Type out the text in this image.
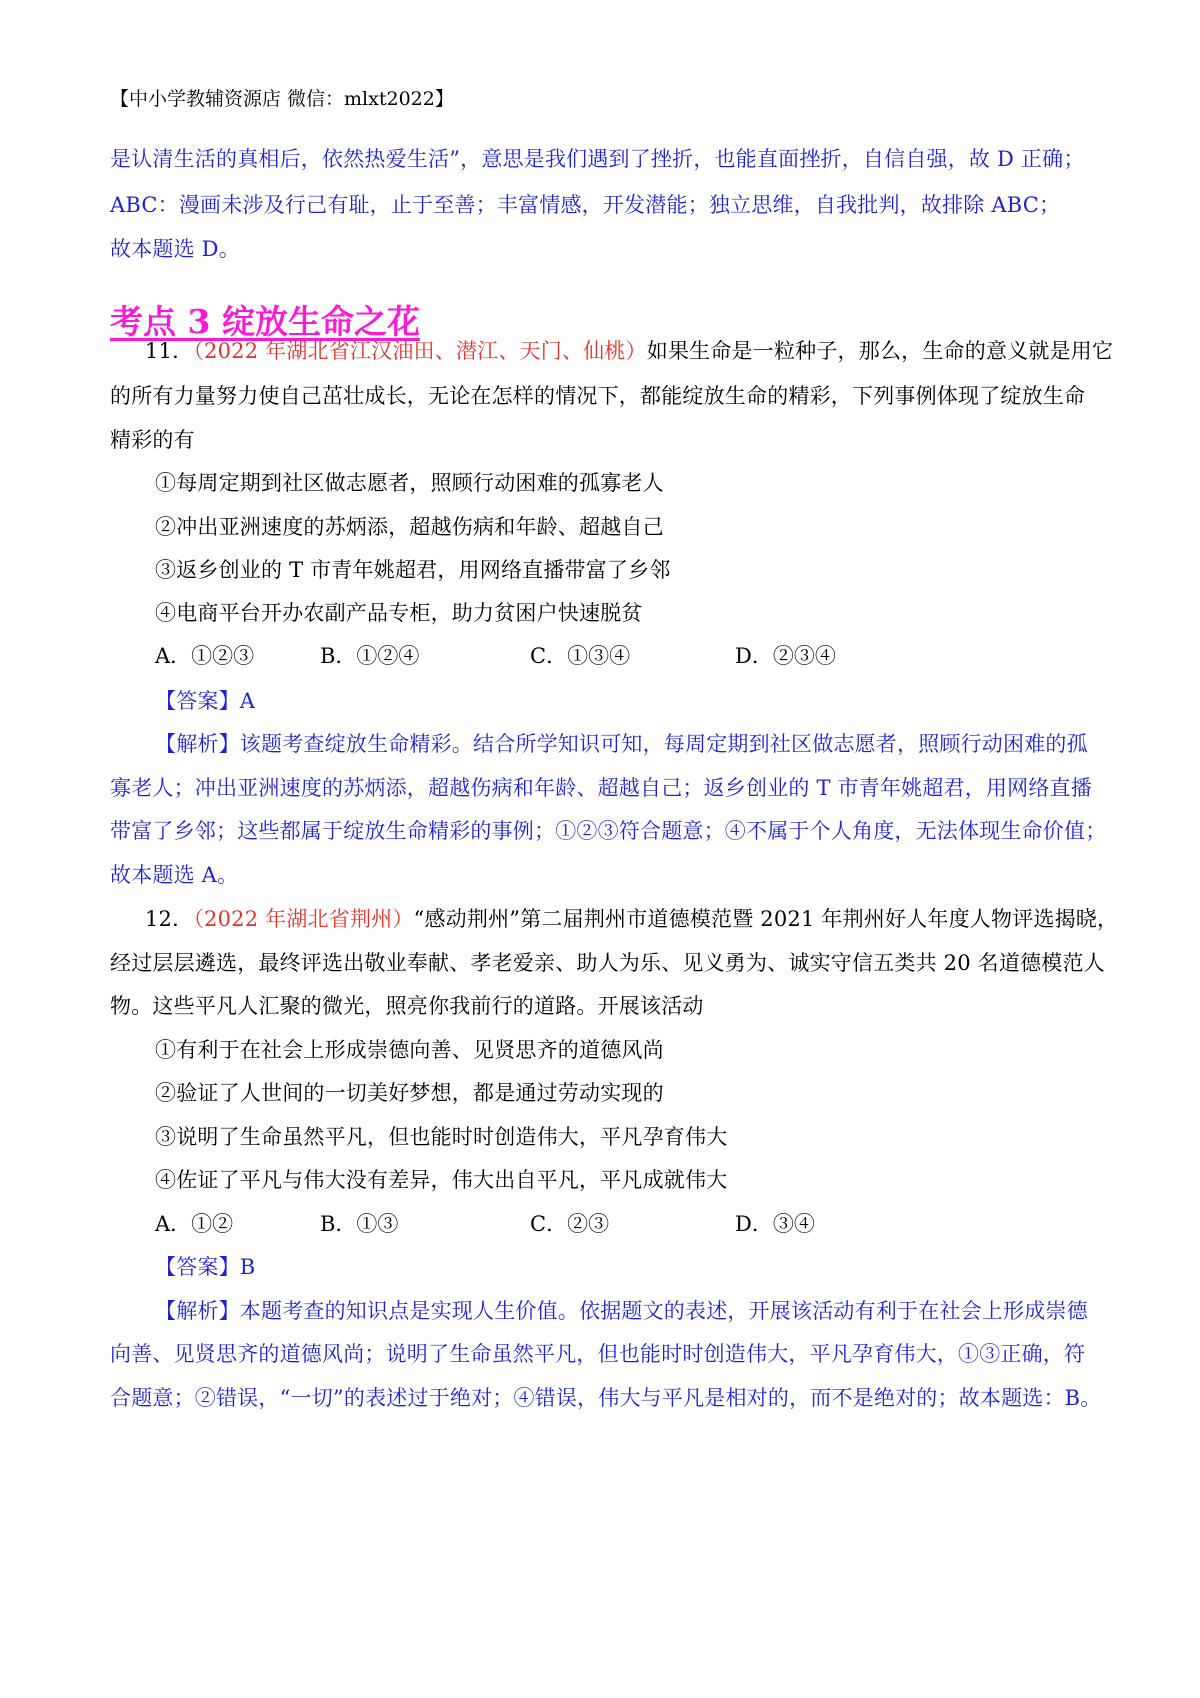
【中小学教辅资源店 微信：mlxt2022】
是认清生活的真相后，依然热爱生活”，意思是我们遇到了挫折，也能直面挫折，自信自强，故 D 正确；
ABC：漫画未涉及行己有耻，止于至善；丰富情感，开发潜能；独立思维，自我批判，故排除 ABC；
故本题选 D。
考点 3 绽放生命之花
11．（2022 年湖北省江汉油田、潜江、天门、仙桃）如果生命是一粒种子，那么，生命的意义就是用它
的所有力量努力使自己茁壮成长，无论在怎样的情况下，都能绽放生命的精彩，下列事例体现了绽放生命
精彩的有
①每周定期到社区做志愿者，照顾行动困难的孤寡老人
②冲出亚洲速度的苏炳添，超越伤病和年龄、超越自己
③返乡创业的 T 市青年姚超君，用网络直播带富了乡邻
④电商平台开办农副产品专柜，助力贫困户快速脱贫
A．①②③	B．①②④	C．①③④	D．②③④
【答案】A
【解析】该题考查绽放生命精彩。结合所学知识可知，每周定期到社区做志愿者，照顾行动困难的孤
寡老人；冲出亚洲速度的苏炳添，超越伤病和年龄、超越自己；返乡创业的 T 市青年姚超君，用网络直播
带富了乡邻；这些都属于绽放生命精彩的事例；①②③符合题意；④不属于个人角度，无法体现生命价值；
故本题选 A。
12．（2022 年湖北省荆州）“感动荆州”第二届荆州市道德模范暨 2021 年荆州好人年度人物评选揭晓，
经过层层遴选，最终评选出敬业奉献、孝老爱亲、助人为乐、见义勇为、诚实守信五类共 20 名道德模范人
物。这些平凡人汇聚的微光，照亮你我前行的道路。开展该活动
①有利于在社会上形成崇德向善、见贤思齐的道德风尚
②验证了人世间的一切美好梦想，都是通过劳动实现的
③说明了生命虽然平凡，但也能时时创造伟大，平凡孕育伟大
④佐证了平凡与伟大没有差异，伟大出自平凡，平凡成就伟大
A．①②	B．①③	C．②③	D．③④
【答案】B
【解析】本题考查的知识点是实现人生价值。依据题文的表述，开展该活动有利于在社会上形成崇德
向善、见贤思齐的道德风尚；说明了生命虽然平凡，但也能时时创造伟大，平凡孕育伟大，①③正确，符
合题意；②错误，“一切”的表述过于绝对；④错误，伟大与平凡是相对的，而不是绝对的；故本题选：B。
